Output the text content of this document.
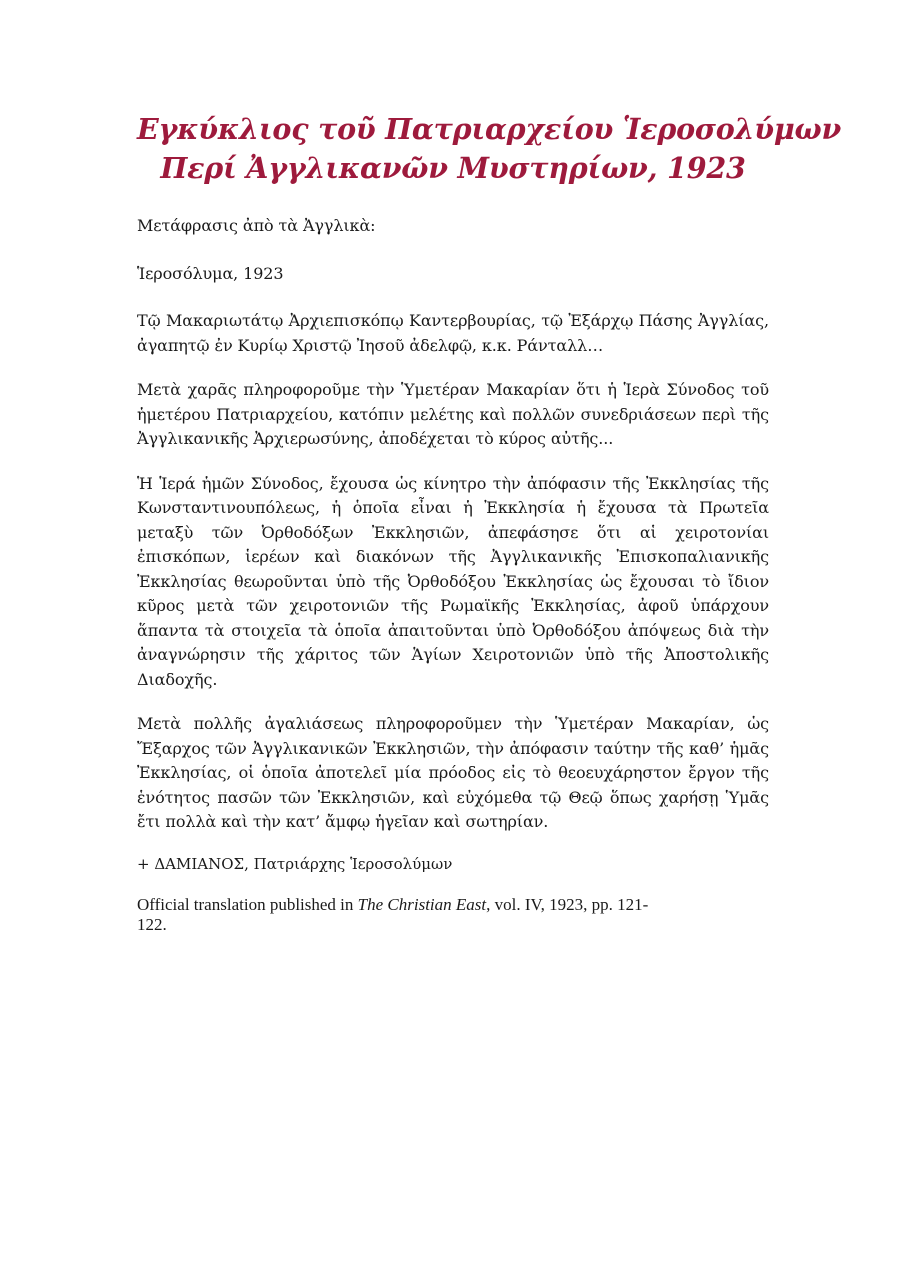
Εγκύκλιος τοῦ Πατριαρχείου Ἱεροσολύμων
Περί Ἀγγλικανῶν Μυστηρίων, 1923

Μετάφρασις ἀπὸ τὰ Ἀγγλικὰ:

Ἱεροσόλυμα, 1923

Τῷ Μακαριωτάτῳ Ἀρχιεπισκόπῳ Καντερβουρίας, τῷ Ἐξάρχῳ Πάσης Ἀγγλίας, ἀγαπητῷ ἐν Κυρίῳ Χριστῷ Ἰησοῦ ἀδελφῷ, κ.κ. Ράνταλλ…

Μετὰ χαρᾶς πληροφοροῦμε τὴν Ὑμετέραν Μακαρίαν ὅτι ἡ Ἱερὰ Σύνοδος τοῦ ἡμετέρου Πατριαρχείου, κατόπιν μελέτης καὶ πολλῶν συνεδριάσεων περὶ τῆς Ἀγγλικανικῆς Ἀρχιερωσύνης, ἀποδέχεται τὸ κύρος αὐτῆς...

Ἡ Ἱερά ἡμῶν Σύνοδος, ἔχουσα ὡς κίνητρο τὴν ἀπόφασιν τῆς Ἐκκλησίας τῆς Κωνσταντινουπόλεως, ἡ ὁποῖα εἶναι ἡ Ἐκκλησία ἡ ἔχουσα τὰ Πρωτεῖα μεταξὺ τῶν Ὀρθοδόξων Ἐκκλησιῶν, ἀπεφάσησε ὅτι αἱ χειροτονίαι ἐπισκόπων, ἱερέων καὶ διακόνων τῆς Ἀγγλικανικῆς Ἐπισκοπαλιανικῆς Ἐκκλησίας θεωροῦνται ὑπὸ τῆς Ὀρθοδόξου Ἐκκλησίας ὡς ἔχουσαι τὸ ἴδιον κῦρος μετὰ τῶν χειροτονιῶν τῆς Ρωμαϊκῆς Ἐκκλησίας, ἀφοῦ ὑπάρχουν ἅπαντα τὰ στοιχεῖα τὰ ὁποῖα ἀπαιτοῦνται ὑπὸ Ὀρθοδόξου ἀπόψεως διὰ τὴν ἀναγνώρησιν τῆς χάριτος τῶν Ἁγίων Χειροτονιῶν ὑπὸ τῆς Ἀποστολικῆς Διαδοχῆς.

Μετὰ πολλῆς ἀγαλιάσεως πληροφοροῦμεν τὴν Ὑμετέραν Μακαρίαν, ὡς Ἔξαρχος τῶν Ἀγγλικανικῶν Ἐκκλησιῶν, τὴν ἀπόφασιν ταύτην τῆς καθ’ ἡμᾶς Ἐκκλησίας, οἱ ὁποῖα ἀποτελεῖ μία πρόοδος εἰς τὸ θεοευχάρηστον ἔργον τῆς ἑνότητος πασῶν τῶν Ἐκκλησιῶν, καὶ εὐχόμεθα τῷ Θεῷ ὅπως χαρήσῃ Ὑμᾶς ἔτι πολλὰ καὶ τὴν κατ’ ἄμφῳ ἡγεῖαν καὶ σωτηρίαν.

+ ΔΑΜΙΑΝΟΣ, Πατριάρχης Ἱεροσολύμων

Official translation published in The Christian East, vol. IV, 1923, pp. 121-122.
